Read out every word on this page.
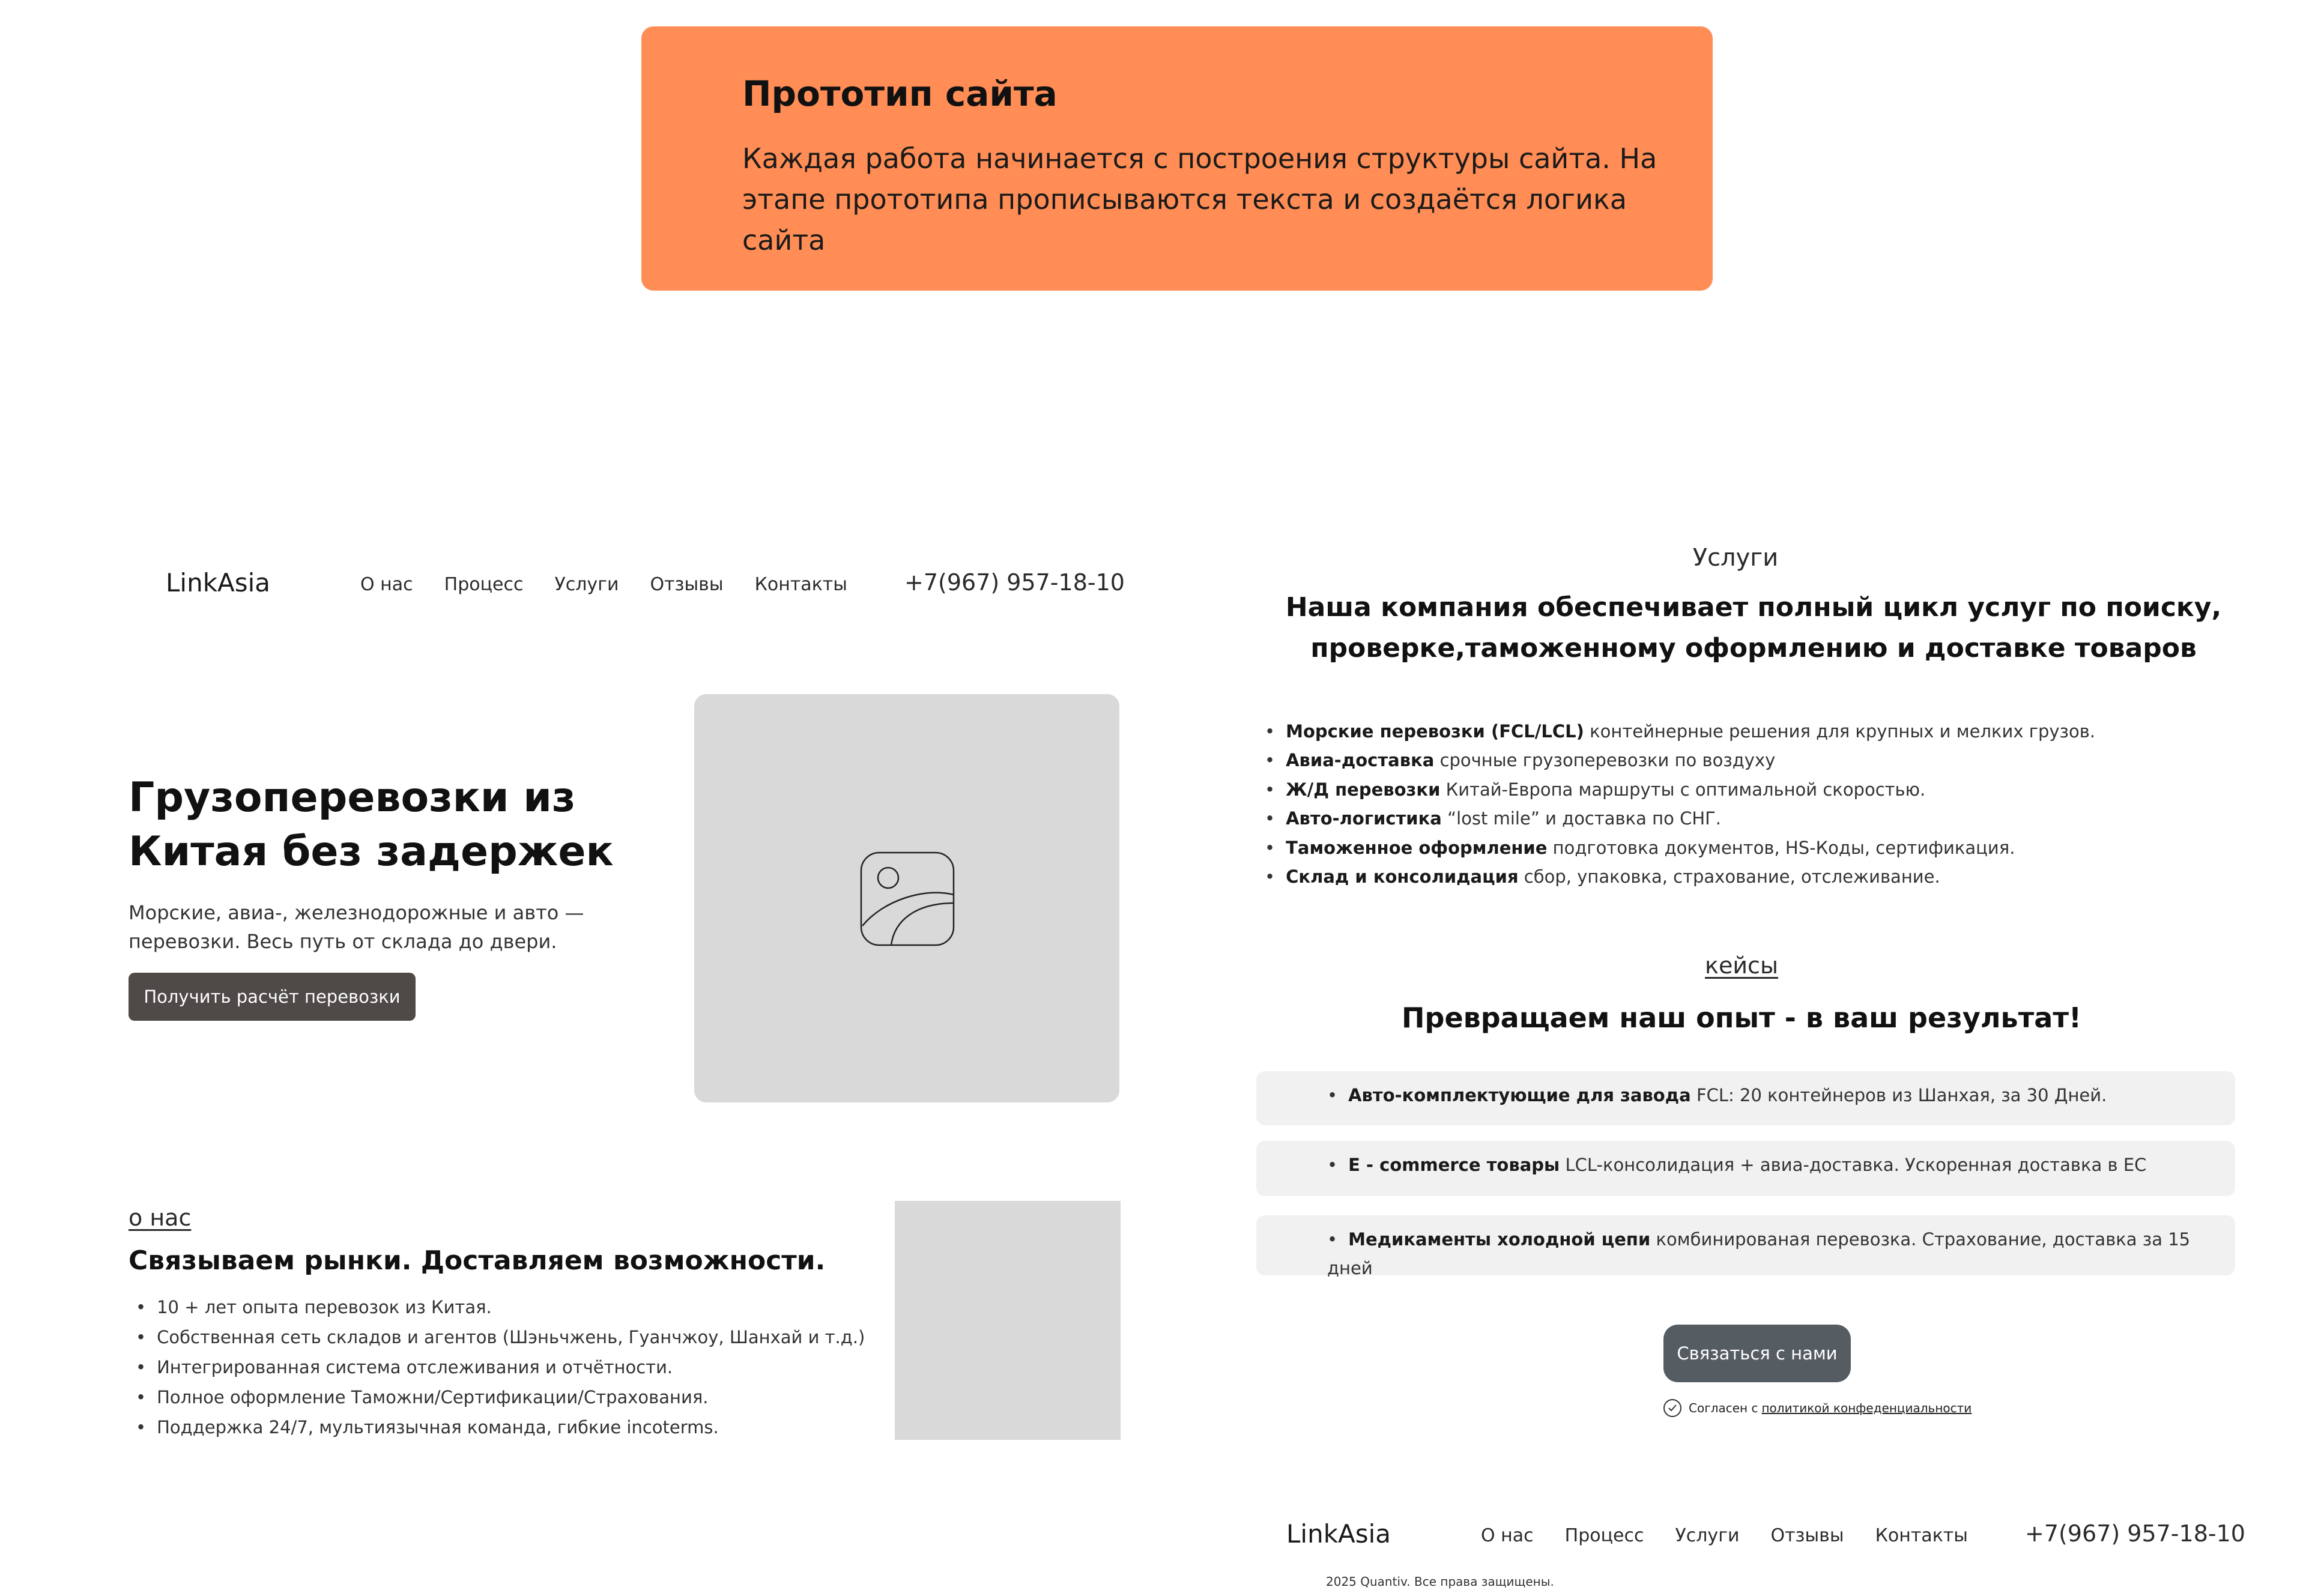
Прототип сайта
Каждая работа начинается с построения структуры сайта. На этапе прототипа прописываются текста и создаётся логика сайта
LinkAsia	О нас Процесс Услуги Отзывы Контакты	+7(967) 957-18-10
Грузоперевозки из Китая без задержек
Морские, авиа-, железнодорожные и авто — перевозки. Весь путь от склада до двери.
Получить расчёт перевозки
о нас
Связываем рынки. Доставляем возможности.
• 10 + лет опыта перевозок из Китая.
• Собственная сеть складов и агентов (Шэньчжень, Гуанчжоу, Шанхай и т.д.)
• Интегрированная система отслеживания и отчётности.
• Полное оформление Таможни/Сертификации/Страхования.
• Поддержка 24/7, мультиязычная команда, гибкие incoterms.
Услуги
Наша компания обеспечивает полный цикл услуг по поиску, проверке,таможенному оформлению и доставке товаров
• Морские перевозки (FCL/LCL) контейнерные решения для крупных и мелких грузов.
• Авиа-доставка срочные грузоперевозки по воздуху
• Ж/Д перевозки Китай-Европа маршруты с оптимальной скоростью.
• Авто-логистика “lost mile” и доставка по СНГ.
• Таможенное оформление подготовка документов, HS-Коды, сертификация.
• Склад и консолидация сбор, упаковка, страхование, отслеживание.
кейсы
Превращаем наш опыт - в ваш результат!
• Авто-комплектующие для завода FCL: 20 контейнеров из Шанхая, за 30 Дней.
• E - commerce товары LCL-консолидация + авиа-доставка. Ускоренная доставка в ЕС
• Медикаменты холодной цепи комбинированая перевозка. Страхование, доставка за 15 дней
Связаться с нами
Согласен с политикой конфеденциальности
LinkAsia	О нас Процесс Услуги Отзывы Контакты	+7(967) 957-18-10
2025 Quantiv. Все права защищены.
